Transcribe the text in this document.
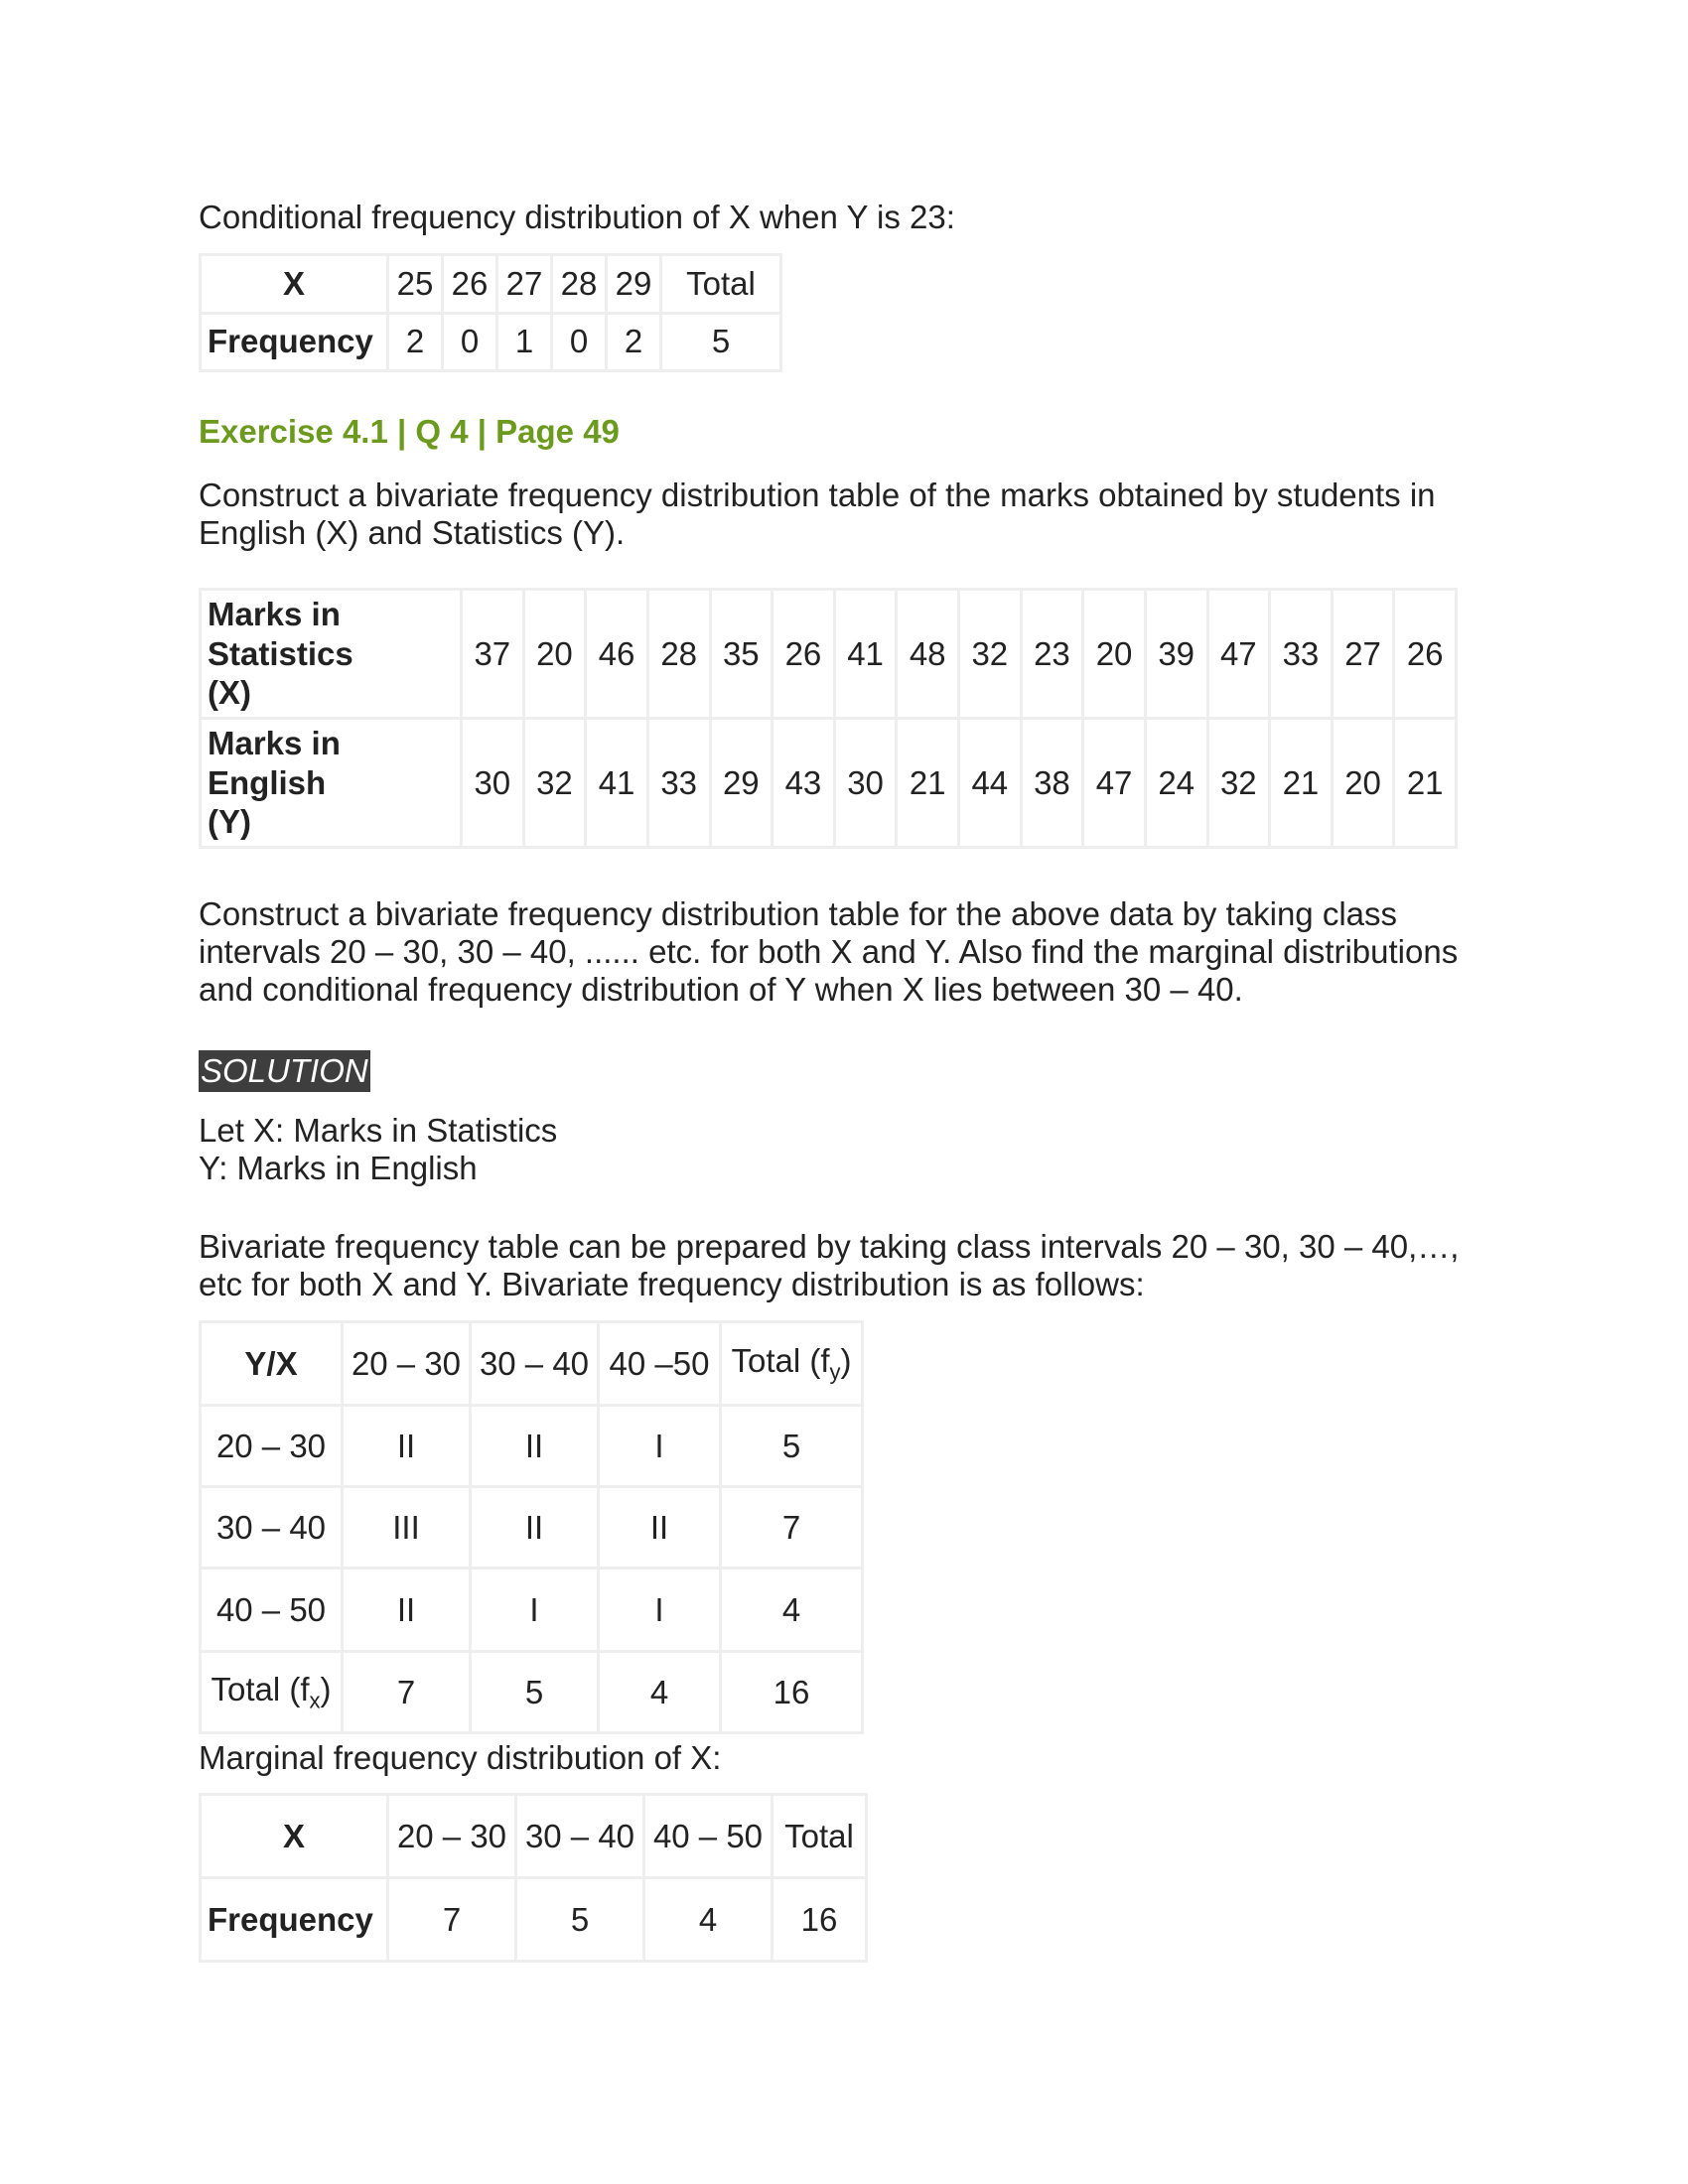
Conditional frequency distribution of X when Y is 23:

X	25	26	27	28	29	Total
Frequency	2	0	1	0	2	5

Exercise 4.1 | Q 4 | Page 49

Construct a bivariate frequency distribution table of the marks obtained by students in

English (X) and Statistics (Y).

Marks in
Statistics
(X)	37	20	46	28	35	26	41	48	32	23	20	39	47	33	27	26

Marks in
English
(Y)	30	32	41	33	29	43	30	21	44	38	47	24	32	21	20	21

Construct a bivariate frequency distribution table for the above data by taking class

intervals 20 – 30, 30 – 40, ...... etc. for both X and Y. Also find the marginal distributions

and conditional frequency distribution of Y when X lies between 30 – 40.

SOLUTION

Let X: Marks in Statistics

Y: Marks in English

Bivariate frequency table can be prepared by taking class intervals 20 – 30, 30 – 40,…,

etc for both X and Y. Bivariate frequency distribution is as follows:

Y/X	20 – 30	30 – 40	40 –50	Total $(f_y)$
20 – 30	II	II	I	5
30 – 40	III	II	II	7
40 – 50	II	I	I	4
Total $(f_x)$	7	5	4	16

Marginal frequency distribution of X:

X	20 – 30	30 – 40	40 – 50	Total
Frequency	7	5	4	16
